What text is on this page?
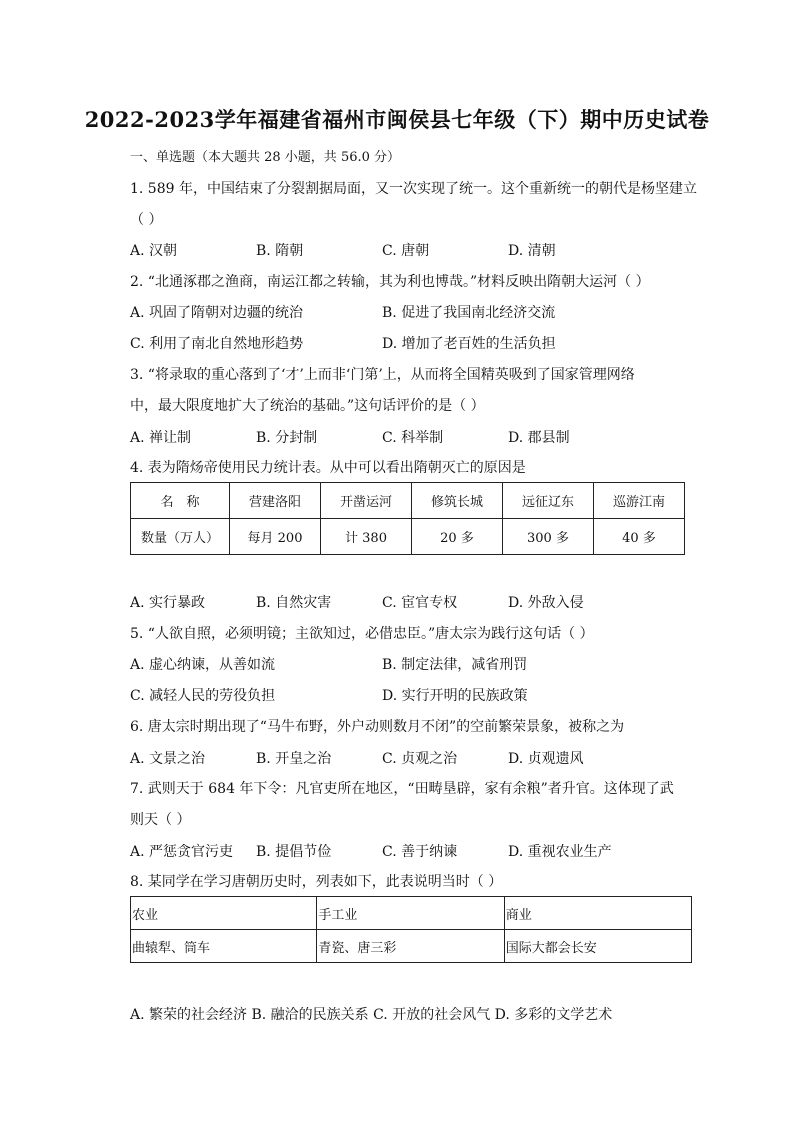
2022-2023学年福建省福州市闽侯县七年级（下）期中历史试卷
一、单选题（本大题共 28 小题，共 56.0 分）
1. 589 年，中国结束了分裂割据局面，又一次实现了统一。这个重新统一的朝代是杨坚建立
（ ）
A. 汉朝	B. 隋朝	C. 唐朝	D. 清朝
2. “北通涿郡之渔商，南运江都之转输，其为利也博哉。”材料反映出隋朝大运河（ ）
A. 巩固了隋朝对边疆的统治	B. 促进了我国南北经济交流
C. 利用了南北自然地形趋势	D. 增加了老百姓的生活负担
3. “将录取的重心落到了‘才’上而非‘门第’上，从而将全国精英吸到了国家管理网络
中，最大限度地扩大了统治的基础。”这句话评价的是（ ）
A. 禅让制	B. 分封制	C. 科举制	D. 郡县制
4. 表为隋炀帝使用民力统计表。从中可以看出隋朝灭亡的原因是
名　称	营建洛阳	开凿运河	修筑长城	远征辽东	巡游江南
数量（万人）	每月 200	计 380	20 多	300 多	40 多
A. 实行暴政	B. 自然灾害	C. 宦官专权	D. 外敌入侵
5. “人欲自照，必须明镜；主欲知过，必借忠臣。”唐太宗为践行这句话（ ）
A. 虚心纳谏，从善如流	B. 制定法律，减省刑罚
C. 减轻人民的劳役负担	D. 实行开明的民族政策
6. 唐太宗时期出现了“马牛布野，外户动则数月不闭”的空前繁荣景象，被称之为
A. 文景之治	B. 开皇之治	C. 贞观之治	D. 贞观遗风
7. 武则天于 684 年下令：凡官吏所在地区，“田畴垦辟，家有余粮”者升官。这体现了武
则天（ ）
A. 严惩贪官污吏 B. 提倡节俭	C. 善于纳谏	D. 重视农业生产
8. 某同学在学习唐朝历史时，列表如下，此表说明当时（ ）
农业	手工业	商业
曲辕犁、筒车	青瓷、唐三彩	国际大都会长安
A. 繁荣的社会经济 B. 融洽的民族关系 C. 开放的社会风气 D. 多彩的文学艺术
